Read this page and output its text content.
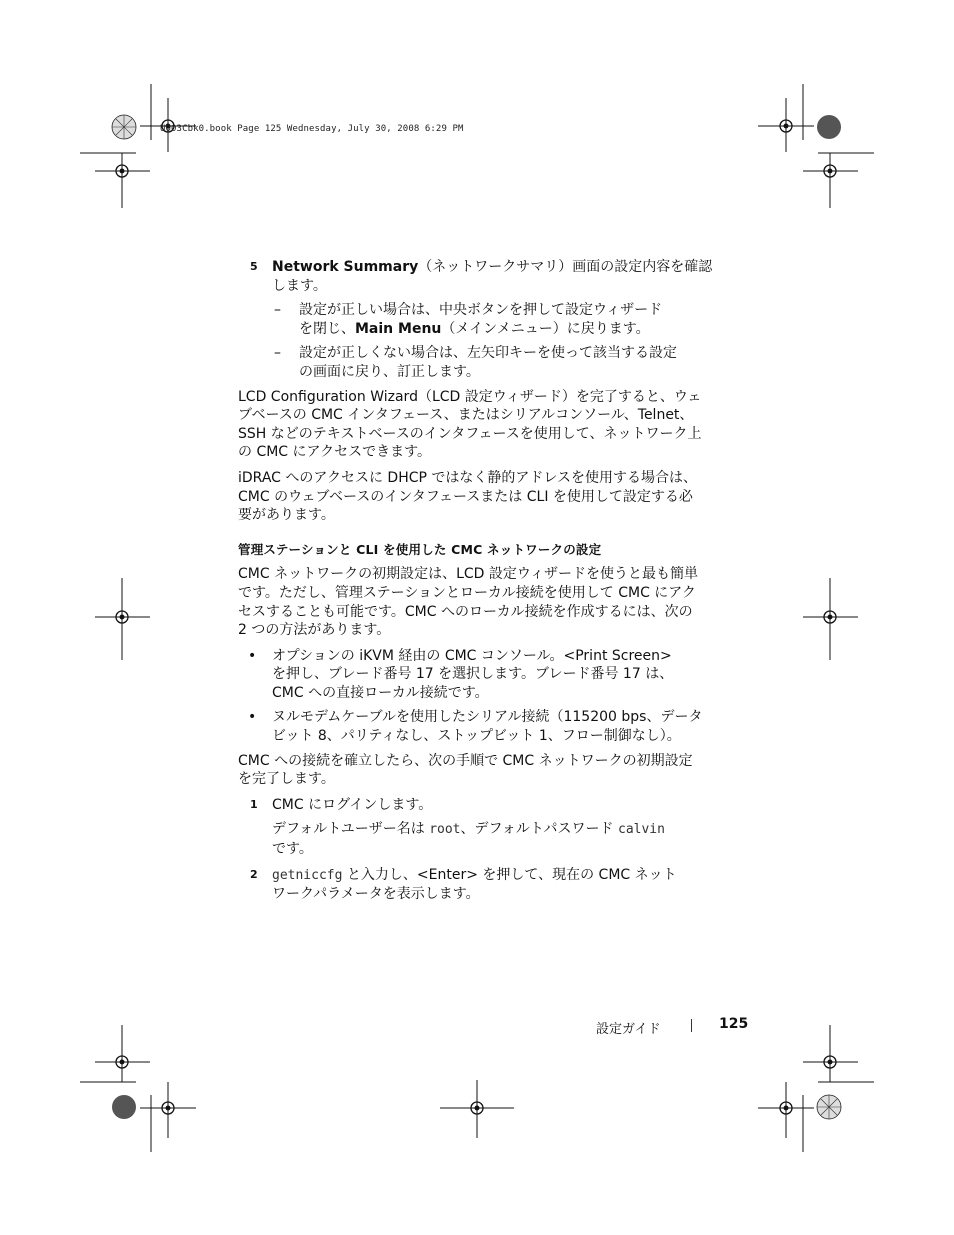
U003Cbk0.book Page 125 Wednesday, July 30, 2008 6:29 PM
5 Network Summary（ネットワークサマリ）画面の設定内容を確認
します。
– 設定が正しい場合は、中央ボタンを押して設定ウィザード
を閉じ、Main Menu（メインメニュー）に戻ります。
– 設定が正しくない場合は、左矢印キーを使って該当する設定
の画面に戻り、訂正します。

LCD Configuration Wizard（LCD 設定ウィザード）を完了すると、ウェ
ブベースの CMC インタフェース、またはシリアルコンソール、Telnet、
SSH などのテキストベースのインタフェースを使用して、ネットワーク上
の CMC にアクセスできます。

iDRAC へのアクセスに DHCP ではなく静的アドレスを使用する場合は、
CMC のウェブベースのインタフェースまたは CLI を使用して設定する必
要があります。

管理ステーションと CLI を使用した CMC ネットワークの設定

CMC ネットワークの初期設定は、LCD 設定ウィザードを使うと最も簡単
です。ただし、管理ステーションとローカル接続を使用して CMC にアク
セスすることも可能です。CMC へのローカル接続を作成するには、次の
2 つの方法があります。

• オプションの iKVM 経由の CMC コンソール。<Print Screen>
を押し、ブレード番号 17 を選択します。ブレード番号 17 は、
CMC への直接ローカル接続です。
• ヌルモデムケーブルを使用したシリアル接続（115200 bps、データ
ビット 8、パリティなし、ストップビット 1、フロー制御なし）。

CMC への接続を確立したら、次の手順で CMC ネットワークの初期設定
を完了します。

1 CMC にログインします。
デフォルトユーザー名は root、デフォルトパスワード calvin
です。
2 getniccfg と入力し、<Enter> を押して、現在の CMC ネット
ワークパラメータを表示します。
設定ガイド	125
